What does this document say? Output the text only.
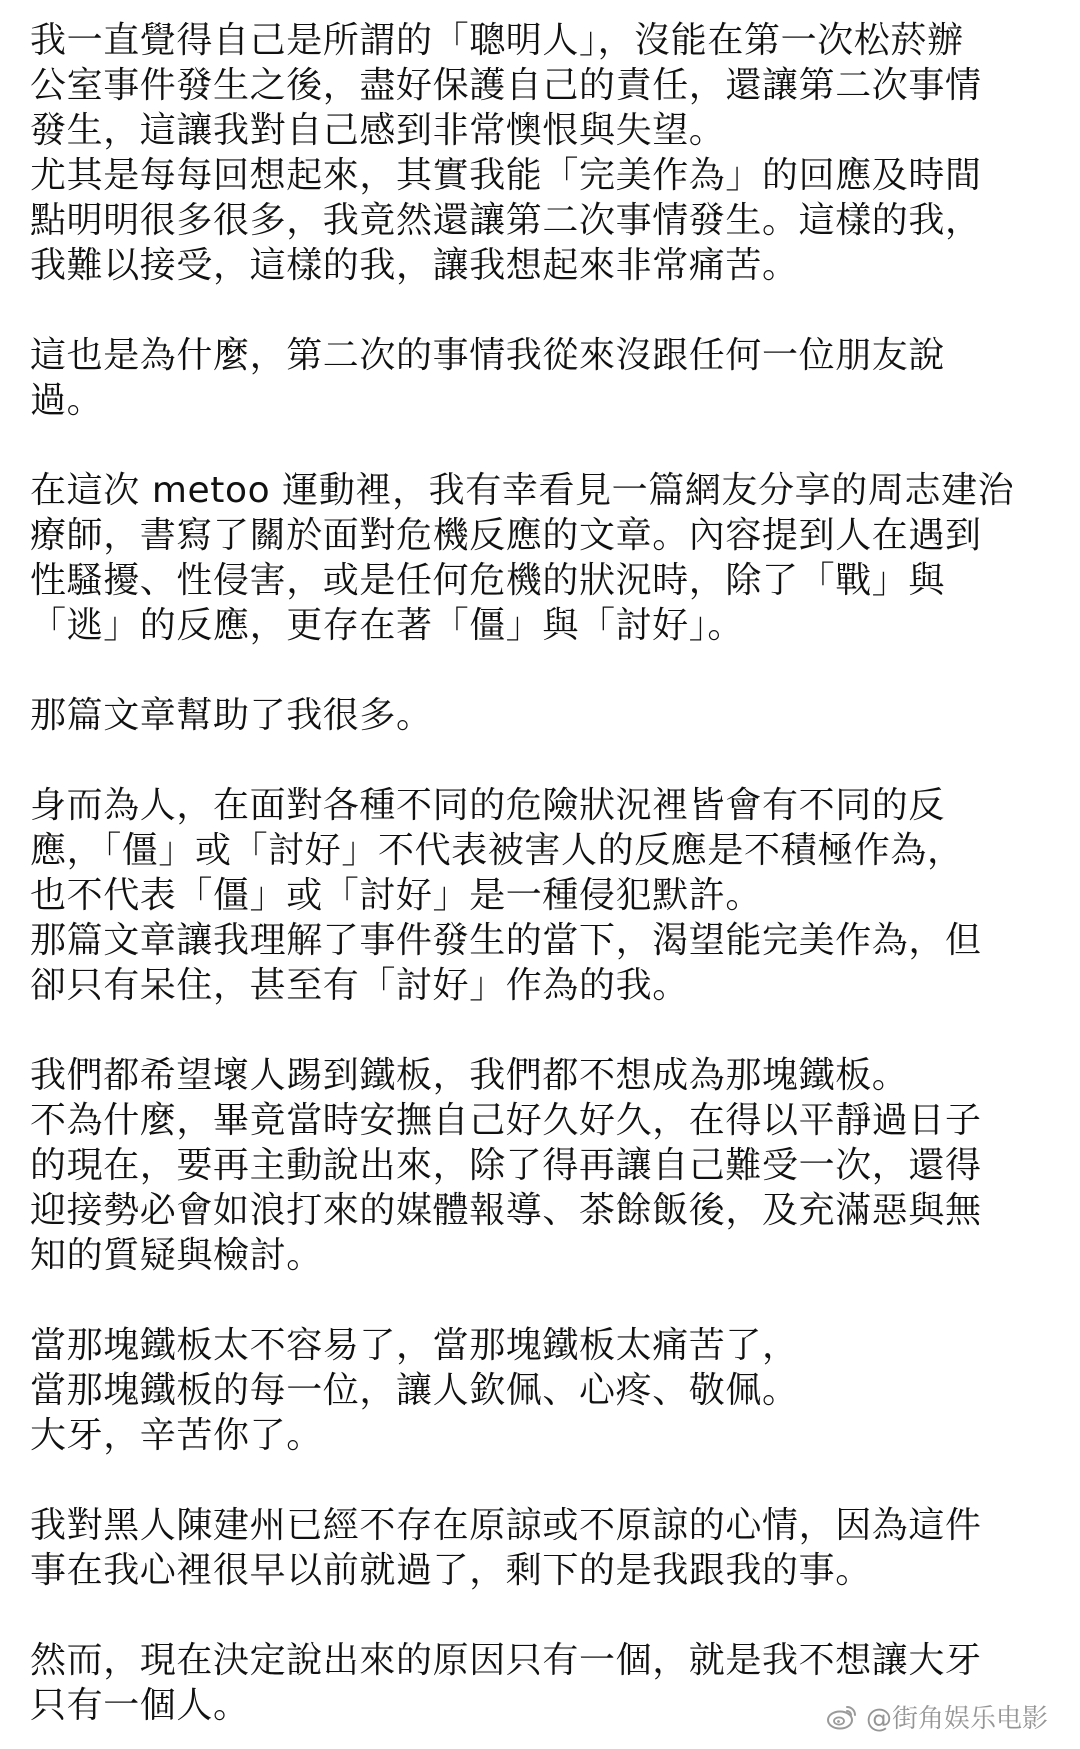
我一直覺得自己是所謂的「聰明人」，沒能在第一次松菸辦
公室事件發生之後，盡好保護自己的責任，還讓第二次事情
發生，這讓我對自己感到非常懊恨與失望。
尤其是每每回想起來，其實我能「完美作為」的回應及時間
點明明很多很多，我竟然還讓第二次事情發生。這樣的我，
我難以接受，這樣的我，讓我想起來非常痛苦。
這也是為什麼，第二次的事情我從來沒跟任何一位朋友說
過。
在這次 metoo 運動裡，我有幸看見一篇網友分享的周志建治
療師，書寫了關於面對危機反應的文章。內容提到人在遇到
性騷擾、性侵害，或是任何危機的狀況時，除了「戰」與
「逃」的反應，更存在著「僵」與「討好」。
那篇文章幫助了我很多。
身而為人，在面對各種不同的危險狀況裡皆會有不同的反
應，「僵」或「討好」不代表被害人的反應是不積極作為，
也不代表「僵」或「討好」是一種侵犯默許。
那篇文章讓我理解了事件發生的當下，渴望能完美作為，但
卻只有呆住，甚至有「討好」作為的我。
我們都希望壞人踢到鐵板，我們都不想成為那塊鐵板。
不為什麼，畢竟當時安撫自己好久好久，在得以平靜過日子
的現在，要再主動說出來，除了得再讓自己難受一次，還得
迎接勢必會如浪打來的媒體報導、茶餘飯後，及充滿惡與無
知的質疑與檢討。
當那塊鐵板太不容易了，當那塊鐵板太痛苦了，
當那塊鐵板的每一位，讓人欽佩、心疼、敬佩。
大牙，辛苦你了。
我對黑人陳建州已經不存在原諒或不原諒的心情，因為這件
事在我心裡很早以前就過了，剩下的是我跟我的事。
然而，現在決定說出來的原因只有一個，就是我不想讓大牙
只有一個人。	@街角娱乐电影
